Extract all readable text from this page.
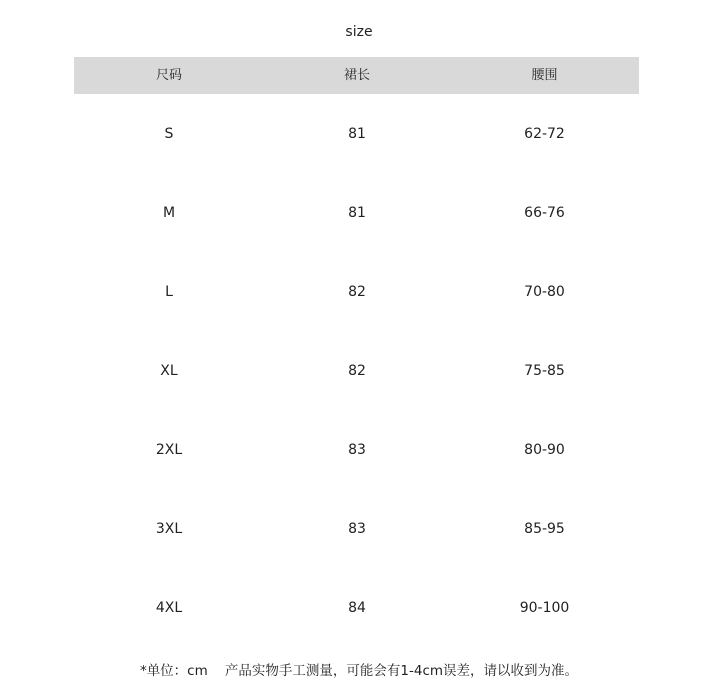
size
尺码	裙长	腰围
S	81	62-72
M	81	66-76
L	82	70-80
XL	82	75-85
2XL	83	80-90
3XL	83	85-95
4XL	84	90-100
*单位：cm    产品实物手工测量，可能会有1-4cm误差，请以收到为准。
